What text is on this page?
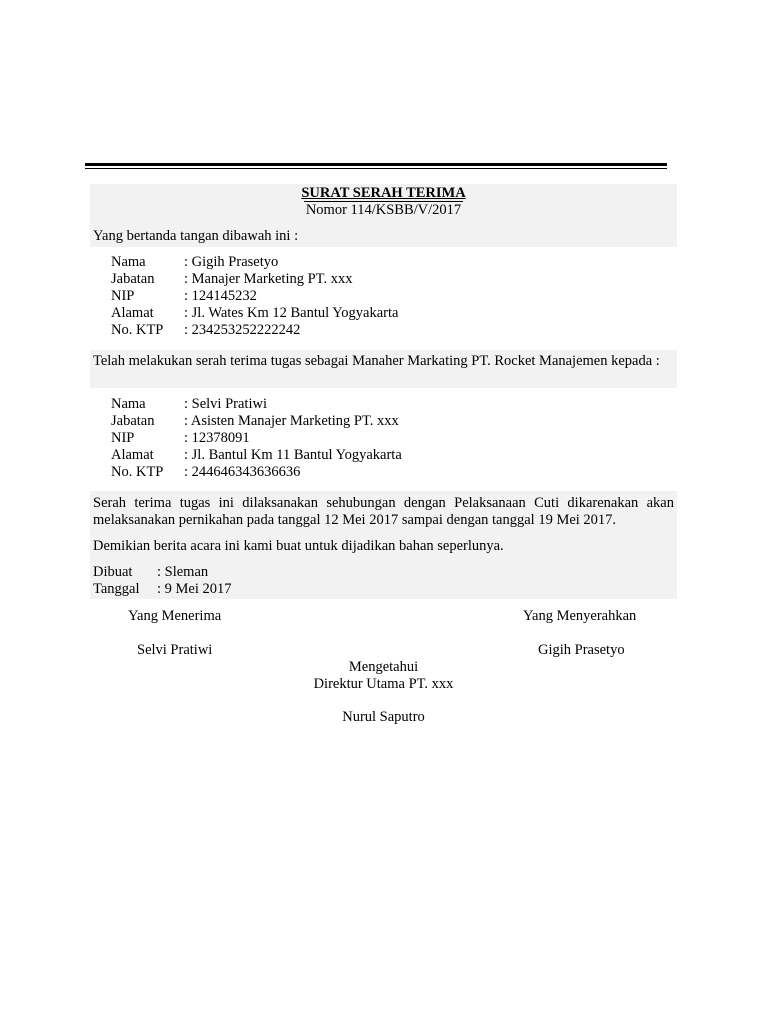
SURAT SERAH TERIMA
Nomor 114/KSBB/V/2017
Yang bertanda tangan dibawah ini :
Nama	: Gigih Prasetyo
Jabatan	: Manajer Marketing PT. xxx
NIP	: 124145232
Alamat	: Jl. Wates Km 12 Bantul Yogyakarta
No. KTP	: 234253252222242
Telah melakukan serah terima tugas sebagai Manaher Markating PT. Rocket Manajemen kepada :
Nama	: Selvi Pratiwi
Jabatan	: Asisten Manajer Marketing PT. xxx
NIP	: 12378091
Alamat	: Jl. Bantul Km 11 Bantul Yogyakarta
No. KTP	: 244646343636636
Serah terima tugas ini dilaksanakan sehubungan dengan Pelaksanaan Cuti dikarenakan akan melaksanakan pernikahan pada tanggal 12 Mei 2017 sampai dengan tanggal 19 Mei 2017.
Demikian berita acara ini kami buat untuk dijadikan bahan seperlunya.
Dibuat	: Sleman
Tanggal	: 9 Mei 2017
Yang Menerima	Yang Menyerahkan
Selvi Pratiwi	Gigih Prasetyo
Mengetahui
Direktur Utama PT. xxx
Nurul Saputro
